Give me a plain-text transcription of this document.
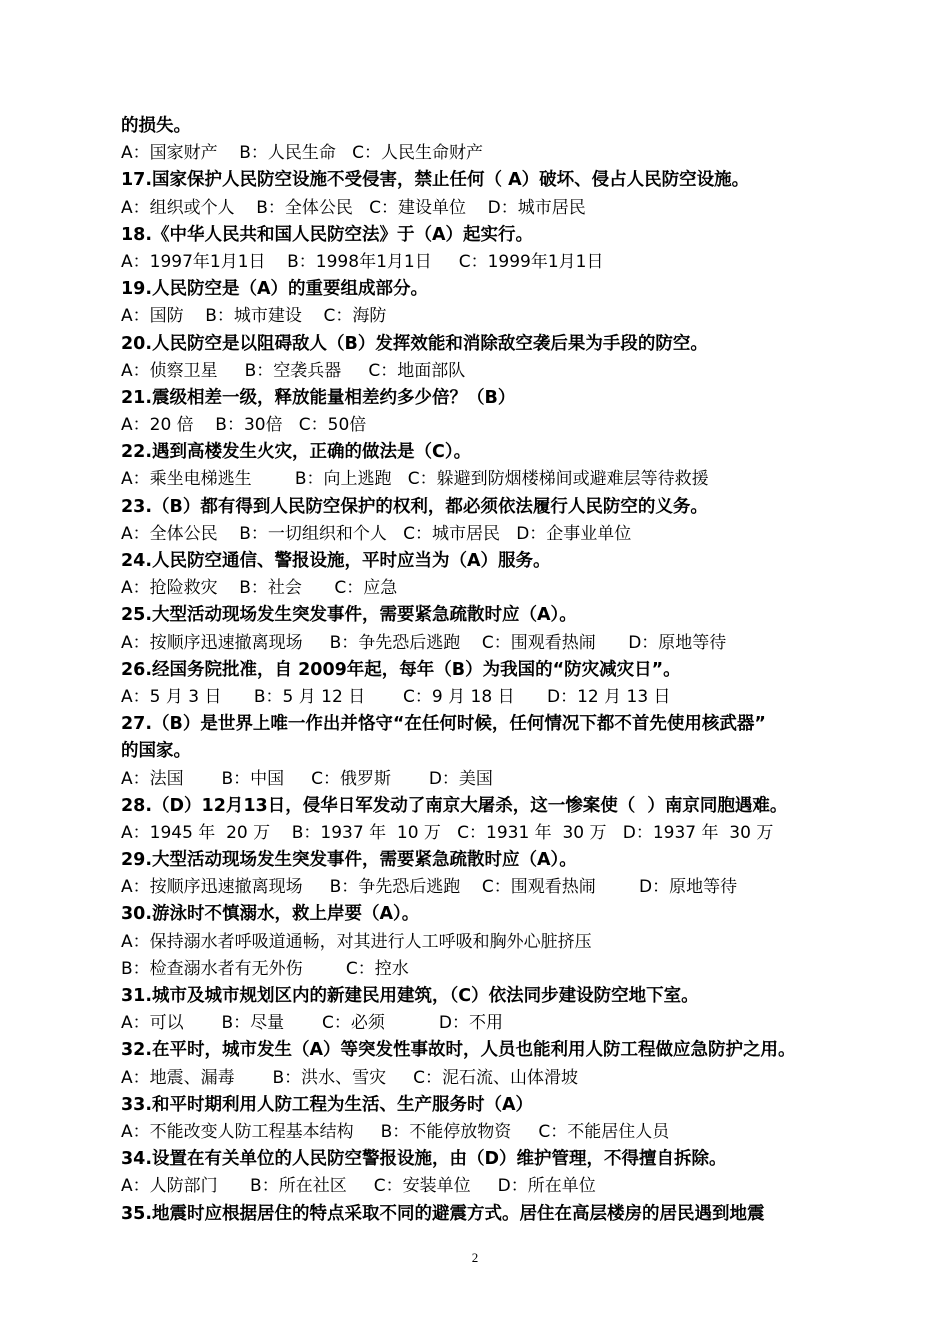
的损失。
A：国家财产    B：人民生命   C：人民生命财产
17.国家保护人民防空设施不受侵害，禁止任何（ A）破坏、侵占人民防空设施。
A：组织或个人    B：全体公民   C：建设单位    D：城市居民
18.《中华人民共和国人民防空法》于（A）起实行。
A：1997年1月1日    B：1998年1月1日     C：1999年1月1日
19.人民防空是（A）的重要组成部分。
A：国防    B：城市建设    C：海防
20.人民防空是以阻碍敌人（B）发挥效能和消除敌空袭后果为手段的防空。
A：侦察卫星     B：空袭兵器     C：地面部队
21.震级相差一级，释放能量相差约多少倍？（B）
A：20 倍    B：30倍   C：50倍
22.遇到高楼发生火灾，正确的做法是（C）。
A：乘坐电梯逃生        B：向上逃跑   C：躲避到防烟楼梯间或避难层等待救援
23.（B）都有得到人民防空保护的权利，都必须依法履行人民防空的义务。
A：全体公民    B：一切组织和个人   C：城市居民   D：企事业单位
24.人民防空通信、警报设施，平时应当为（A）服务。
A：抢险救灾    B：社会      C：应急
25.大型活动现场发生突发事件，需要紧急疏散时应（A）。
A：按顺序迅速撤离现场     B：争先恐后逃跑    C：围观看热闹      D：原地等待
26.经国务院批准，自 2009年起，每年（B）为我国的“防灾减灾日”。
A：5 月 3 日      B：5 月 12 日       C：9 月 18 日      D：12 月 13 日
27.（B）是世界上唯一作出并恪守“在任何时候，任何情况下都不首先使用核武器”
的国家。
A：法国       B：中国     C：俄罗斯       D：美国
28.（D）12月13日，侵华日军发动了南京大屠杀，这一惨案使（  ）南京同胞遇难。
A：1945 年  20 万    B：1937 年  10 万   C：1931 年  30 万   D：1937 年  30 万
29.大型活动现场发生突发事件，需要紧急疏散时应（A）。
A：按顺序迅速撤离现场     B：争先恐后逃跑    C：围观看热闹        D：原地等待
30.游泳时不慎溺水，救上岸要（A）。
A：保持溺水者呼吸道通畅，对其进行人工呼吸和胸外心脏挤压
B：检查溺水者有无外伤        C：控水
31.城市及城市规划区内的新建民用建筑，（C）依法同步建设防空地下室。
A：可以       B：尽量       C：必须          D：不用
32.在平时，城市发生（A）等突发性事故时，人员也能利用人防工程做应急防护之用。
A：地震、漏毒       B：洪水、雪灾     C：泥石流、山体滑坡
33.和平时期利用人防工程为生活、生产服务时（A）
A：不能改变人防工程基本结构     B：不能停放物资     C：不能居住人员
34.设置在有关单位的人民防空警报设施，由（D）维护管理，不得擅自拆除。
A：人防部门      B：所在社区     C：安装单位     D：所在单位
35.地震时应根据居住的特点采取不同的避震方式。居住在高层楼房的居民遇到地震
2
